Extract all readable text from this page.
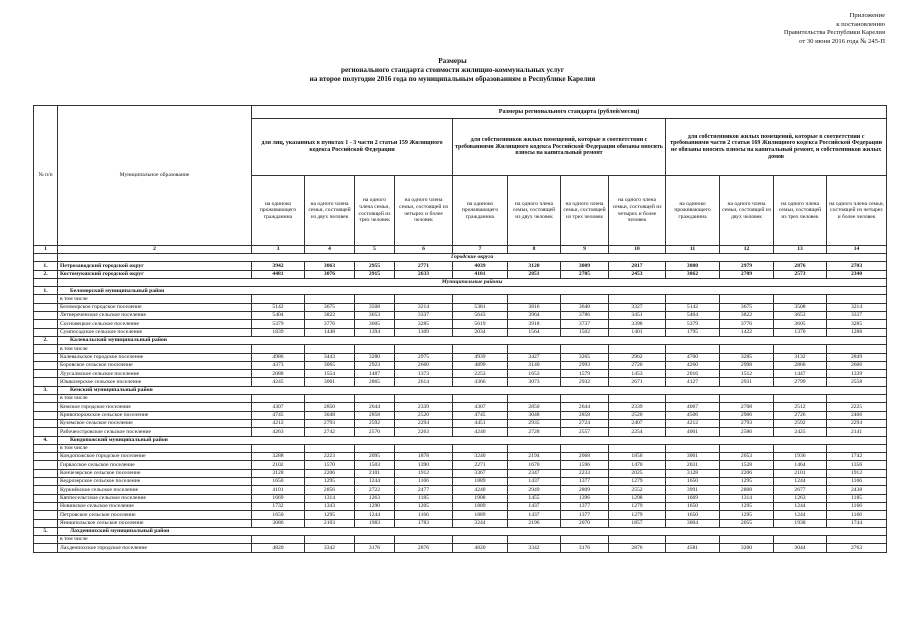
Приложение
к постановлению
Правительства Республики Карелия
от 30 июня 2016 года № 245-П
Размеры
регионального стандарта стоимости жилищно-коммунальных услуг
на второе полугодие 2016 года по муниципальным образованиям в Республике Карелия
№ п/п	Муниципальное образование	Размеры регионального стандарта (рублей/месяц)											
		для лиц, указанных в пунктах 1 - 3 части 2 статьи 159 Жилищного кодекса Российской Федерации				для собственников жилых помещений, которые в соответствии с требованиями Жилищного кодекса Российской Федерации обязаны вносить взносы на капитальный ремонт				для собственников жилых помещений, которые в соответствии с требованиями части 2 статьи 169 Жилищного кодекса Российской Федерации не обязаны вносить взносы на капитальный ремонт, и собственников жилых домов			
		на одиноко проживающего гражданина	на одного члена семьи, состоящей из двух человек	на одного члена семьи, состоящей из трех человек	на одного члена семьи, состоящей из четырех и более человек	на одиноко проживающего гражданина	на одного члена семьи, состоящей из двух человек	на одного члена семьи, состоящей из трех человек	на одного члена семьи, состоящей из четырех и более человек	на одиноко проживающего гражданина	на одного члена семьи, состоящей из двух человек	на одного члена семьи, состоящей из трех человек	на одного члена семьи, состоящей из четырех и более человек
1	2	3	4	5	6	7	8	9	10	11	12	13	14
	Городские округа												
1.	Петрозаводский городской округ	3942	3063	2955	2771	4039	3120	3009	2817	3800	2979	2876	2703
2.	Костомукшский городской округ	4481	3076	2915	2633	4101	2851	2705	2453	3862	2709	2573	2340
	Муниципальные районы												
1.	Беломорский муниципальный район												
	в том числе												
	Беломорское городское поселение	5142	3675	3508	3214	5381	3816	3640	3327	5142	3675	3508	3214
	Летнереченское сельское поселение	5404	3822	3653	3337	5643	3964	3786	3451	5404	3822	3653	3337
	Сосновецкое сельское поселение	5379	3776	3605	3285	5619	3918	3737	3398	5379	3776	3605	3285
	Сумпосадское сельское поселение	1839	1448	1394	1309	2034	1564	1502	1401	1795	1422	1370	1288
2.	Калевальский муниципальный район												
	в том числе												
	Калевальское городское поселение	4986	3443	3280	2975	4939	3427	3265	2962	4700	3285	3132	2849
	Боровское сельское поселение	4373	3065	2923	2660	4899	3140	2993	2720	4260	2998	2860	2606
	Луусалмское сельское поселение	2088	1554	1487	1373	2253	1653	1579	1453	2016	1512	1447	1339
	Юшкозерское сельское поселение	4245	3001	2865	2614	4366	3073	2932	2671	4127	2931	2799	2558
3.	Кемский муниципальный район												
	в том числе												
	Кемское городское поселение	4307	2850	2644	2339	4307	2850	2644	2339	4067	2708	2512	2225
	Кривопорожское сельское поселение	4745	3048	2858	2520	4745	3048	2858	2520	4506	2906	2726	2406
	Куземское сельское поселение	4212	2793	2592	2294	4451	2935	2724	2407	4212	2793	2592	2294
	Рабочеостровское сельское поселение	4263	2742	2570	2263	4240	2728	2557	2254	4001	2586	2425	2141
4.	Кондопожский муниципальный район												
	в том числе												
	Кондопожское городское поселение	3288	2223	2095	1878	3240	2194	2068	1856	3001	2053	1936	1742
	Гирвасское сельское поселение	2102	1570	1503	1390	2271	1670	1596	1470	2031	1528	1464	1356
	Кончезерское сельское поселение	3128	2206	2101	1912	3367	2347	2233	2025	3128	2206	2101	1912
	Кедрозерское сельское поселение	1650	1295	1244	1166	1889	1437	1377	1279	1650	1295	1244	1166
	Куркиёкское сельское поселение	4101	2856	2722	2477	4240	2949	2809	2552	3991	2808	2677	2438
	Кяппесельгское сельское поселение	1669	1314	1263	1185	1908	1455	1396	1298	1669	1314	1263	1185
	Новинское сельское поселение	1732	1343	1290	1205	1889	1437	1377	1279	1650	1295	1244	1166
	Петровское сельское поселение	1650	1295	1244	1166	1889	1437	1377	1279	1650	1295	1244	1166
	Янишпольское сельское поселение	3086	2103	1983	1783	3244	2196	2070	1857	3004	2055	1938	1744
5.	Лахденпохский муниципальный район												
	в том числе												
	Лахденпохское городское поселение	4820	3342	3176	2876	4820	3342	3176	2876	4581	3200	3044	2763
